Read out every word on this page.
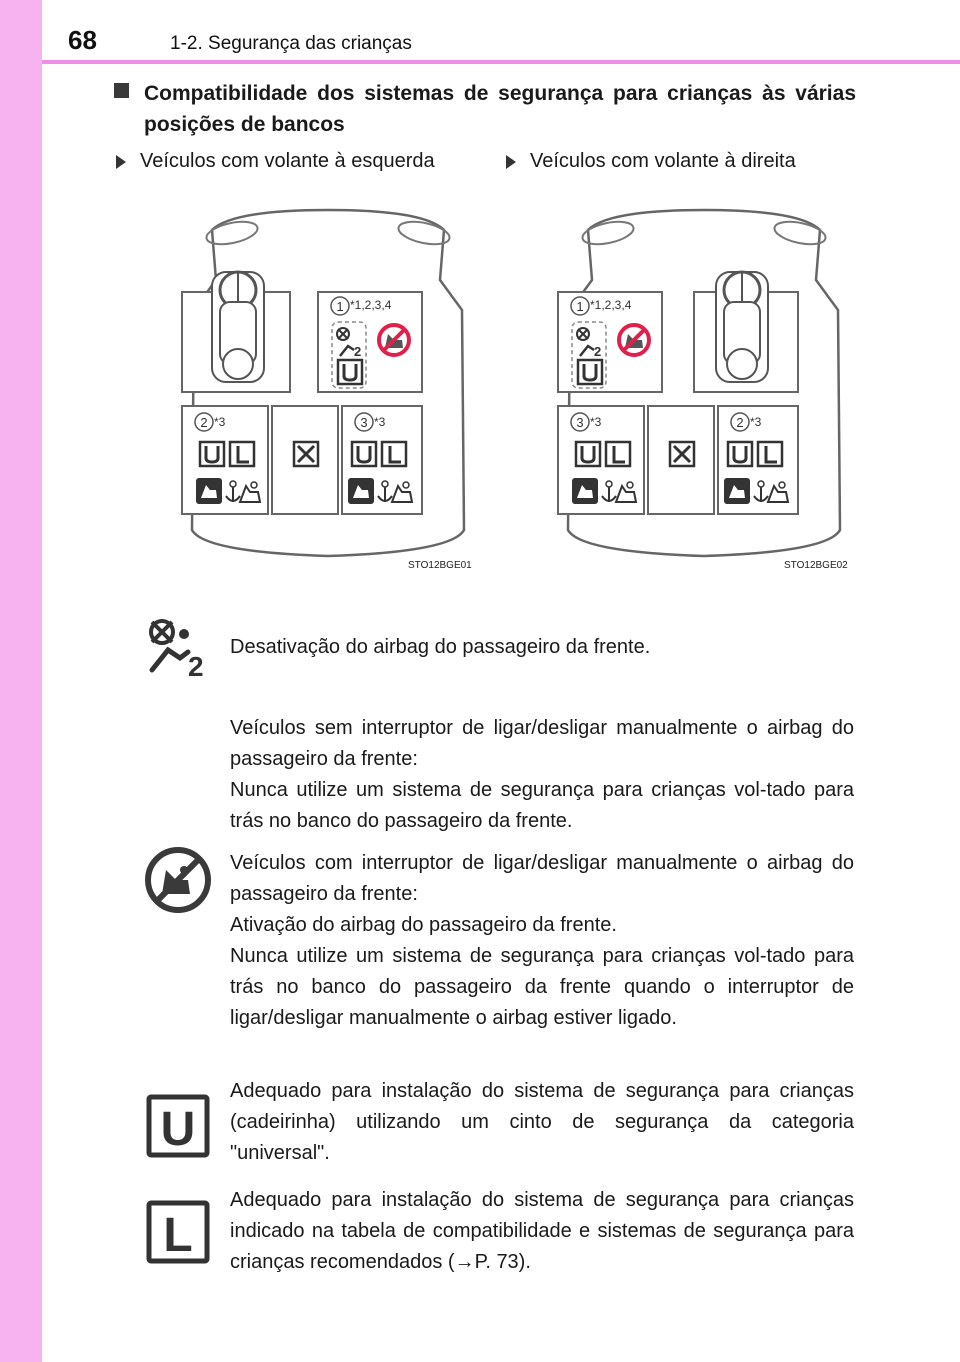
68	1-2. Segurança das crianças
Compatibilidade dos sistemas de segurança para crianças às várias posições de bancos
Veículos com volante à esquerda	Veículos com volante à direita
1 *1,2,3,4
2
2 *3	3 *3
STO12BGE01
1 *1,2,3,4
2
3 *3	2 *3
STO12BGE02
2

Desativação do airbag do passageiro da frente.

Veículos sem interruptor de ligar/desligar manualmente o airbag do passageiro da frente:

Nunca utilize um sistema de segurança para crianças vol-tado para trás no banco do passageiro da frente.

Veículos com interruptor de ligar/desligar manualmente o airbag do passageiro da frente:

Ativação do airbag do passageiro da frente.

Nunca utilize um sistema de segurança para crianças vol-tado para trás no banco do passageiro da frente quando o interruptor de ligar/desligar manualmente o airbag estiver ligado.

U

Adequado para instalação do sistema de segurança para crianças (cadeirinha) utilizando um cinto de segurança da categoria "universal".

L

Adequado para instalação do sistema de segurança para crianças indicado na tabela de compatibilidade e sistemas de segurança para crianças recomendados (→P. 73).
